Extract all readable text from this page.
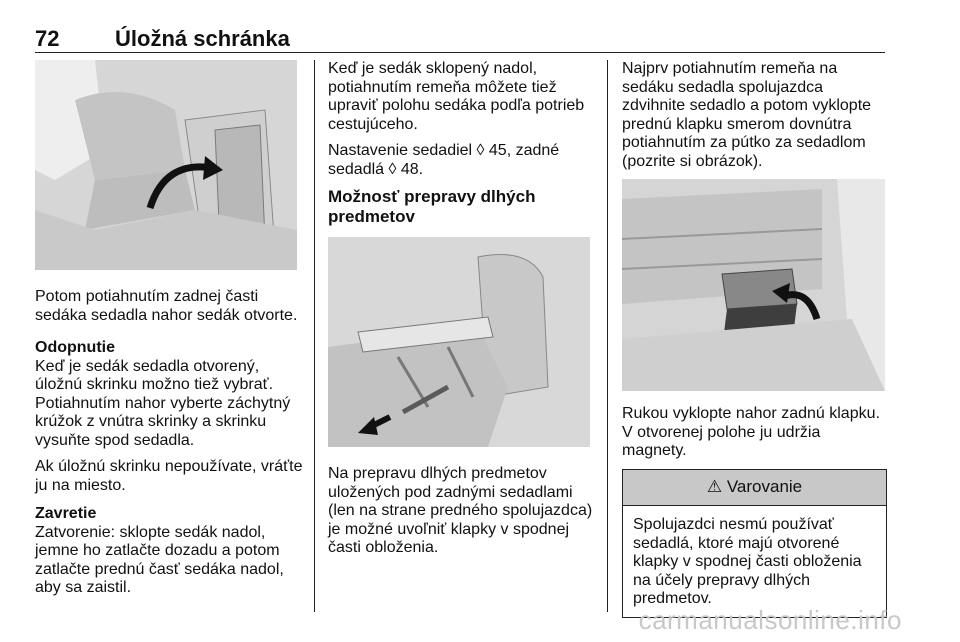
72	Úložná schránka

Potom potiahnutím zadnej časti sedáka sedadla nahor sedák otvorte.

Odopnutie

Keď je sedák sedadla otvorený, úložnú skrinku možno tiež vybrať. Potiahnutím nahor vyberte záchytný krúžok z vnútra skrinky a skrinku vysuňte spod sedadla.

Ak úložnú skrinku nepoužívate, vráťte ju na miesto.

Zavretie

Zatvorenie: sklopte sedák nadol, jemne ho zatlačte dozadu a potom zatlačte prednú časť sedáka nadol, aby sa zaistil.

Keď je sedák sklopený nadol, potiahnutím remeňa môžete tiež upraviť polohu sedáka podľa potrieb cestujúceho.

Nastavenie sedadiel ◊ 45, zadné sedadlá ◊ 48.

Možnosť prepravy dlhých predmetov

Na prepravu dlhých predmetov uložených pod zadnými sedadlami (len na strane predného spolujazdca) je možné uvoľniť klapky v spodnej časti obloženia.

Najprv potiahnutím remeňa na sedáku sedadla spolujazdca zdvihnite sedadlo a potom vyklopte prednú klapku smerom dovnútra potiahnutím za pútko za sedadlom (pozrite si obrázok).

Rukou vyklopte nahor zadnú klapku. V otvorenej polohe ju udržia magnety.

⚠ Varovanie
Spolujazdci nesmú používať sedadlá, ktoré majú otvorené klapky v spodnej časti obloženia na účely prepravy dlhých predmetov.
carmanualsonline.info
